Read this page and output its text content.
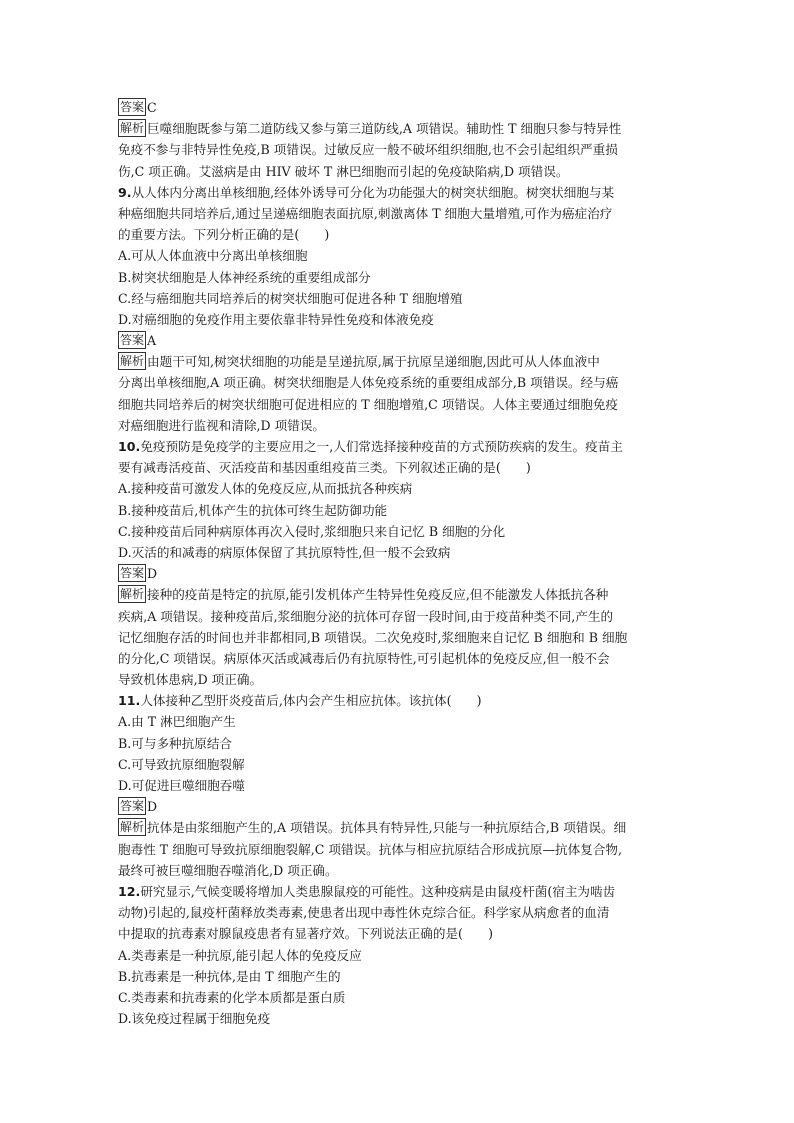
答案 C
解析 巨噬细胞既参与第二道防线又参与第三道防线,A 项错误。辅助性 T 细胞只参与特异性
免疫不参与非特异性免疫,B 项错误。过敏反应一般不破坏组织细胞,也不会引起组织严重损
伤,C 项正确。艾滋病是由 HIV 破坏 T 淋巴细胞而引起的免疫缺陷病,D 项错误。
9.从人体内分离出单核细胞,经体外诱导可分化为功能强大的树突状细胞。树突状细胞与某
种癌细胞共同培养后,通过呈递癌细胞表面抗原,刺激离体 T 细胞大量增殖,可作为癌症治疗
的重要方法。下列分析正确的是(　　)
A.可从人体血液中分离出单核细胞
B.树突状细胞是人体神经系统的重要组成部分
C.经与癌细胞共同培养后的树突状细胞可促进各种 T 细胞增殖
D.对癌细胞的免疫作用主要依靠非特异性免疫和体液免疫
答案 A
解析 由题干可知,树突状细胞的功能是呈递抗原,属于抗原呈递细胞,因此可从人体血液中
分离出单核细胞,A 项正确。树突状细胞是人体免疫系统的重要组成部分,B 项错误。经与癌
细胞共同培养后的树突状细胞可促进相应的 T 细胞增殖,C 项错误。人体主要通过细胞免疫
对癌细胞进行监视和清除,D 项错误。
10.免疫预防是免疫学的主要应用之一,人们常选择接种疫苗的方式预防疾病的发生。疫苗主
要有减毒活疫苗、灭活疫苗和基因重组疫苗三类。下列叙述正确的是(　　)
A.接种疫苗可激发人体的免疫反应,从而抵抗各种疾病
B.接种疫苗后,机体产生的抗体可终生起防御功能
C.接种疫苗后同种病原体再次入侵时,浆细胞只来自记忆 B 细胞的分化
D.灭活的和减毒的病原体保留了其抗原特性,但一般不会致病
答案 D
解析 接种的疫苗是特定的抗原,能引发机体产生特异性免疫反应,但不能激发人体抵抗各种
疾病,A 项错误。接种疫苗后,浆细胞分泌的抗体可存留一段时间,由于疫苗种类不同,产生的
记忆细胞存活的时间也并非都相同,B 项错误。二次免疫时,浆细胞来自记忆 B 细胞和 B 细胞
的分化,C 项错误。病原体灭活或减毒后仍有抗原特性,可引起机体的免疫反应,但一般不会
导致机体患病,D 项正确。
11.人体接种乙型肝炎疫苗后,体内会产生相应抗体。该抗体(　　)
A.由 T 淋巴细胞产生
B.可与多种抗原结合
C.可导致抗原细胞裂解
D.可促进巨噬细胞吞噬
答案 D
解析 抗体是由浆细胞产生的,A 项错误。抗体具有特异性,只能与一种抗原结合,B 项错误。细
胞毒性 T 细胞可导致抗原细胞裂解,C 项错误。抗体与相应抗原结合形成抗原—抗体复合物,
最终可被巨噬细胞吞噬消化,D 项正确。
12.研究显示,气候变暖将增加人类患腺鼠疫的可能性。这种疫病是由鼠疫杆菌(宿主为啮齿
动物)引起的,鼠疫杆菌释放类毒素,使患者出现中毒性休克综合征。科学家从病愈者的血清
中提取的抗毒素对腺鼠疫患者有显著疗效。下列说法正确的是(　　)
A.类毒素是一种抗原,能引起人体的免疫反应
B.抗毒素是一种抗体,是由 T 细胞产生的
C.类毒素和抗毒素的化学本质都是蛋白质
D.该免疫过程属于细胞免疫
